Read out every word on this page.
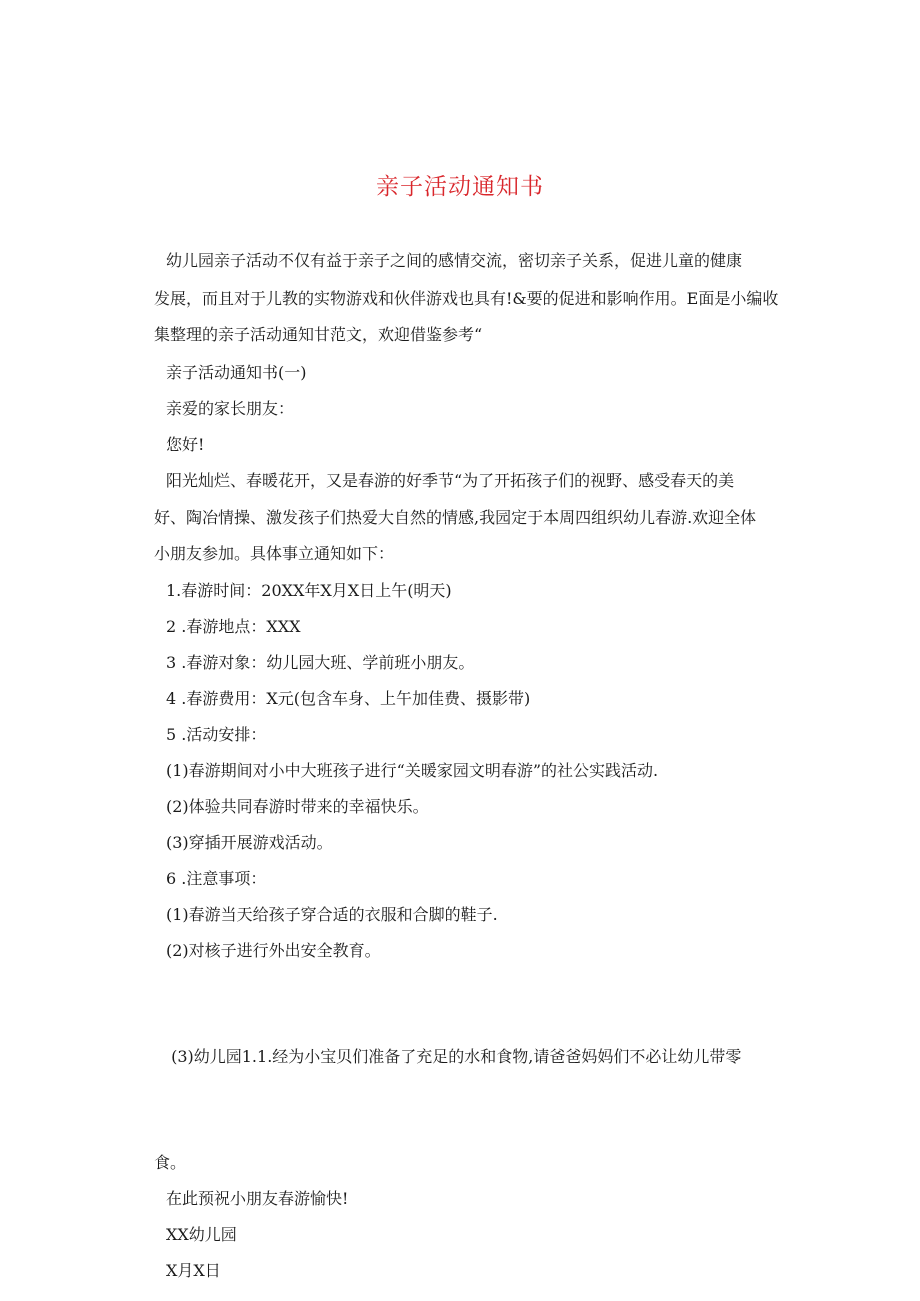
亲子活动通知书

幼儿园亲子活动不仅有益于亲子之间的感情交流，密切亲子关系，促进儿童的健康

发展，而且对于儿教的实物游戏和伙伴游戏也具有!&要的促进和影响作用。E面是小编收
集整理的亲子活动通知甘范文，欢迎借鉴参考“

亲子活动通知书(一)

亲爱的家长朋友：

您好!

阳光灿烂、春暖花开，又是春游的好季节“为了开拓孩子们的视野、感受春天的美

好、陶冶情操、激发孩子们热爱大自然的情感,我园定于本周四组织幼儿春游.欢迎全体
小朋友参加。具体事立通知如下：

1.春游时间：20XX年X月X日上午(明天)

2 .春游地点：XXX

3 .春游对象：幼儿园大班、学前班小朋友。

4 .春游费用：X元(包含车身、上午加佳费、摄影带)

5 .活动安排：

(1)春游期间对小中大班孩子进行“关暖家园文明春游”的社公实践活动.

(2)体验共同春游时带来的幸福快乐。

(3)穿插开展游戏活动。

6 .注意事项：

(1)春游当天给孩子穿合适的衣服和合脚的鞋子.

(2)对核子进行外出安全教育。

(3)幼儿园1.1.经为小宝贝们准备了充足的水和食物,请爸爸妈妈们不必让幼儿带零

食。

在此预祝小朋友春游愉快!

XX幼儿园

X月X日
